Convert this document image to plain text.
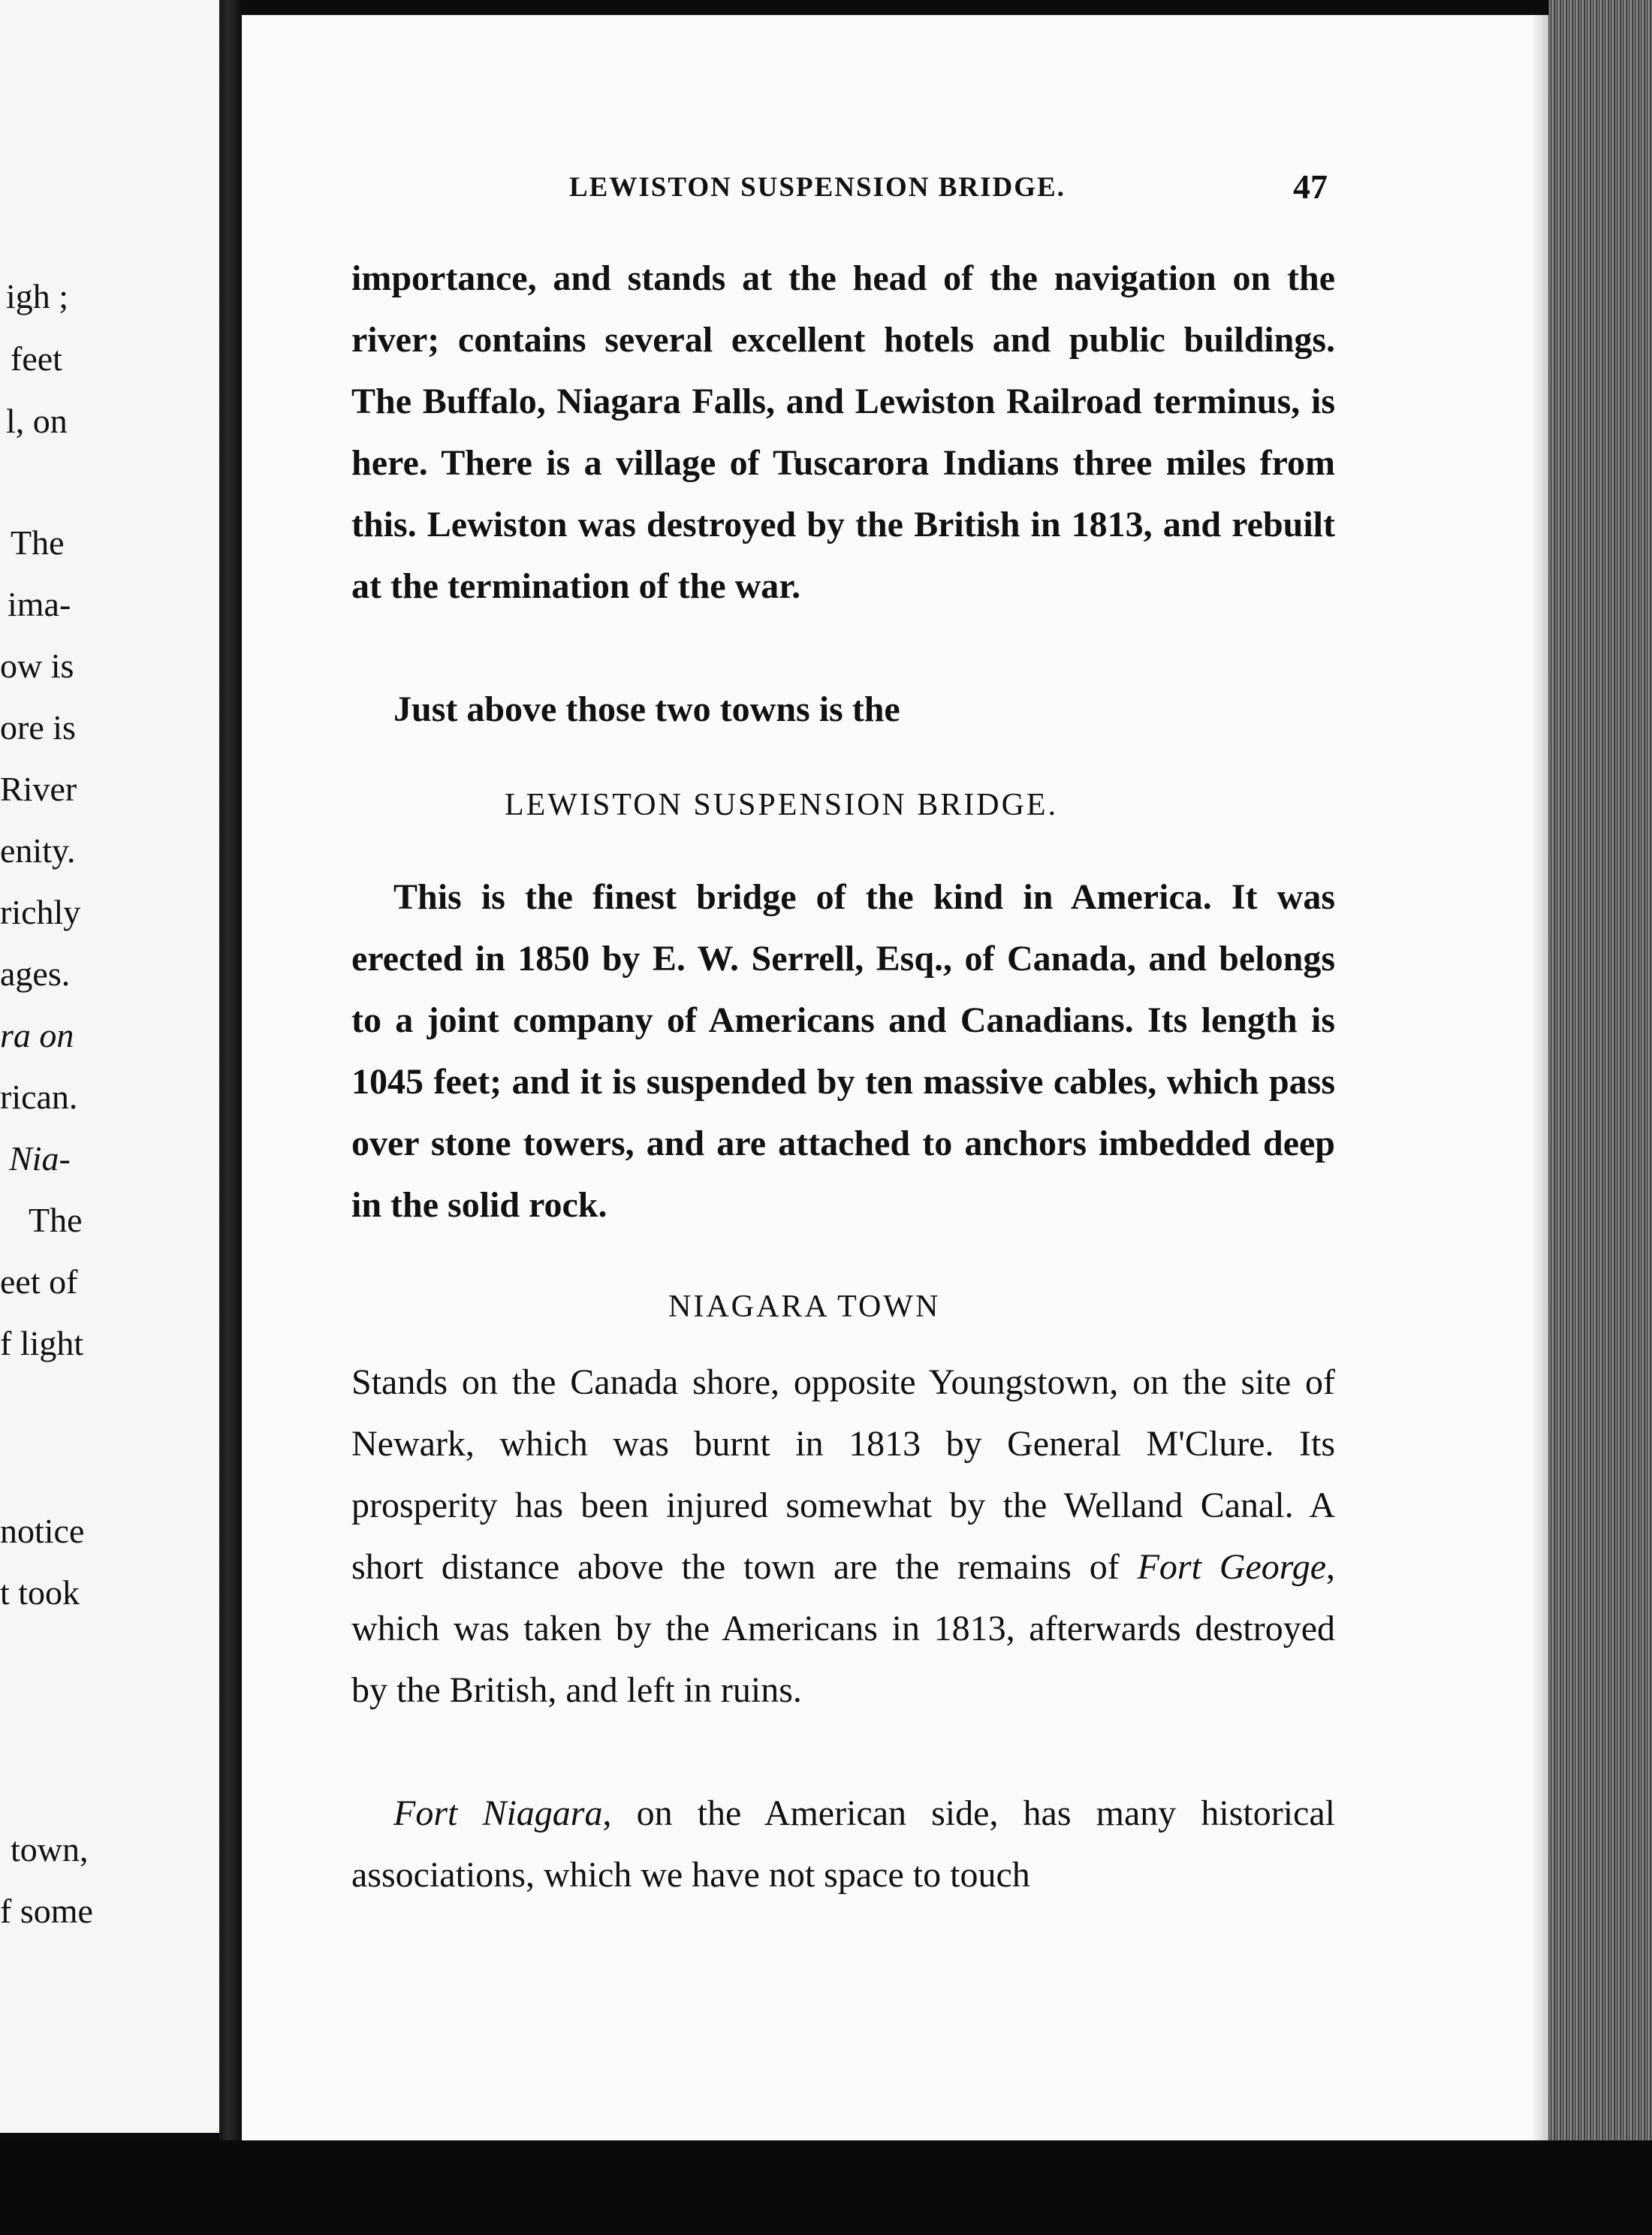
igh ;

feet

l, on

The

ima-

ow is

ore is

River

enity.

richly

ages.

ra on

rican.

Nia-

The

eet of

f light

notice

t took

town,

f some

LEWISTON SUSPENSION BRIDGE.	47

importance, and stands at the head of the navigation on the river; contains several excellent hotels and public buildings. The Buffalo, Niagara Falls, and Lewiston Railroad terminus, is here. There is a village of Tuscarora Indians three miles from this. Lewiston was destroyed by the British in 1813, and rebuilt at the termination of the war.

Just above those two towns is the

LEWISTON SUSPENSION BRIDGE.

This is the finest bridge of the kind in America. It was erected in 1850 by E. W. Serrell, Esq., of Canada, and belongs to a joint company of Americans and Canadians. Its length is 1045 feet; and it is suspended by ten massive cables, which pass over stone towers, and are attached to anchors imbedded deep in the solid rock.

NIAGARA TOWN

Stands on the Canada shore, opposite Youngstown, on the site of Newark, which was burnt in 1813 by General M'Clure. Its prosperity has been injured somewhat by the Welland Canal. A short distance above the town are the remains of Fort George, which was taken by the Americans in 1813, afterwards destroyed by the British, and left in ruins.

Fort Niagara, on the American side, has many historical associations, which we have not space to touch
